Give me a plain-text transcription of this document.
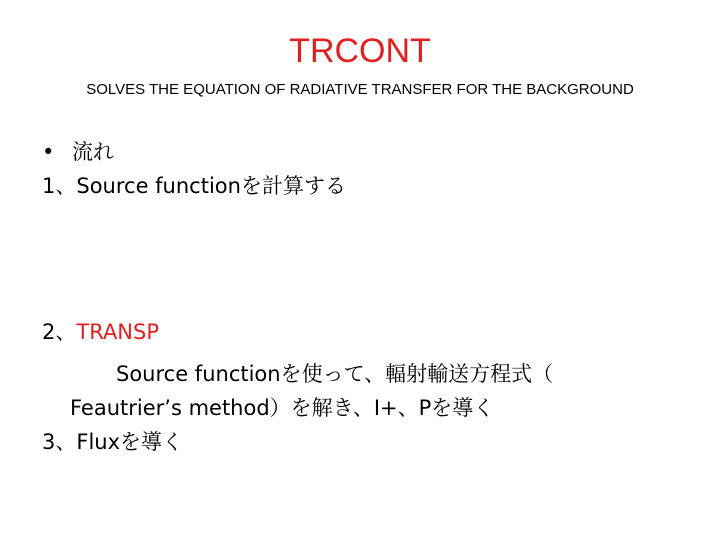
TRCONT
SOLVES THE EQUATION OF RADIATIVE TRANSFER FOR THE BACKGROUND
• 流れ
1、Source functionを計算する
2、TRANSP
Source functionを使って、輻射輸送方程式（
Feautrier’s method）を解き、I+、Pを導く
3、Fluxを導く
